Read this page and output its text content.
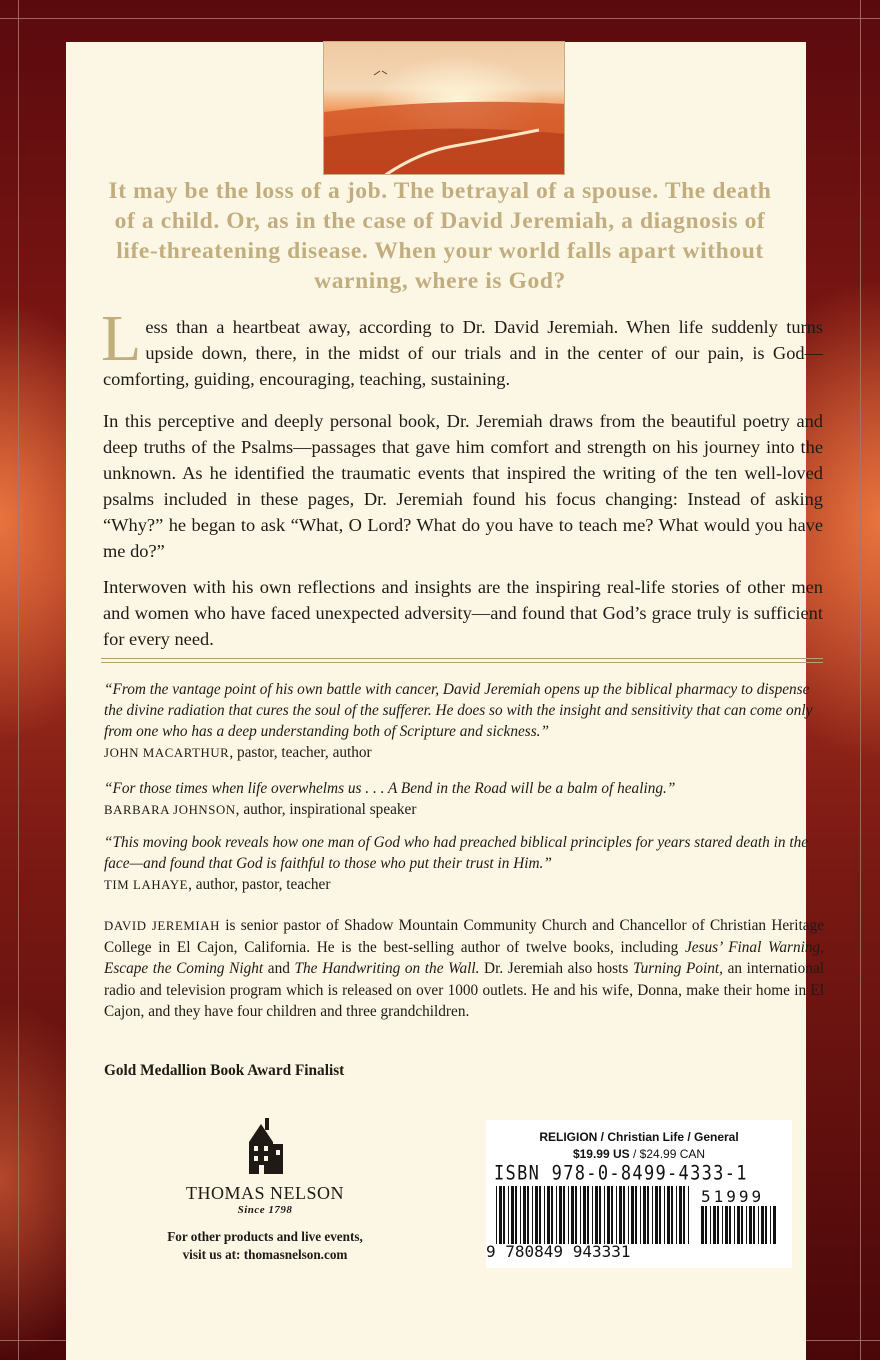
It may be the loss of a job. The betrayal of a spouse. The death of a child. Or, as in the case of David Jeremiah, a diagnosis of life-threatening disease. When your world falls apart without warning, where is God?
Less than a heartbeat away, according to Dr. David Jeremiah. When life suddenly turns upside down, there, in the midst of our trials and in the center of our pain, is God—comforting, guiding, encouraging, teaching, sustaining.
In this perceptive and deeply personal book, Dr. Jeremiah draws from the beautiful poetry and deep truths of the Psalms—passages that gave him comfort and strength on his journey into the unknown. As he identified the traumatic events that inspired the writing of the ten well-loved psalms included in these pages, Dr. Jeremiah found his focus changing: Instead of asking “Why?” he began to ask “What, O Lord? What do you have to teach me? What would you have me do?”
Interwoven with his own reflections and insights are the inspiring real-life stories of other men and women who have faced unexpected adversity—and found that God’s grace truly is sufficient for every need.
“From the vantage point of his own battle with cancer, David Jeremiah opens up the biblical pharmacy to dispense the divine radiation that cures the soul of the sufferer. He does so with the insight and sensitivity that can come only from one who has a deep understanding both of Scripture and sickness.”
JOHN MACARTHUR, pastor, teacher, author
“For those times when life overwhelms us . . . A Bend in the Road will be a balm of healing.”
BARBARA JOHNSON, author, inspirational speaker
“This moving book reveals how one man of God who had preached biblical principles for years stared death in the face—and found that God is faithful to those who put their trust in Him.”
TIM LAHAYE, author, pastor, teacher
DAVID JEREMIAH is senior pastor of Shadow Mountain Community Church and Chancellor of Christian Heritage College in El Cajon, California. He is the best-selling author of twelve books, including Jesus’ Final Warning, Escape the Coming Night and The Handwriting on the Wall. Dr. Jeremiah also hosts Turning Point, an international radio and television program which is released on over 1000 outlets. He and his wife, Donna, make their home in El Cajon, and they have four children and three grandchildren.
Gold Medallion Book Award Finalist
THOMAS NELSON
Since 1798
For other products and live events,
visit us at: thomasnelson.com
RELIGION / Christian Life / General
$19.99 US / $24.99 CAN
ISBN 978-0-8499-4333-1
51999
9 780849 943331
